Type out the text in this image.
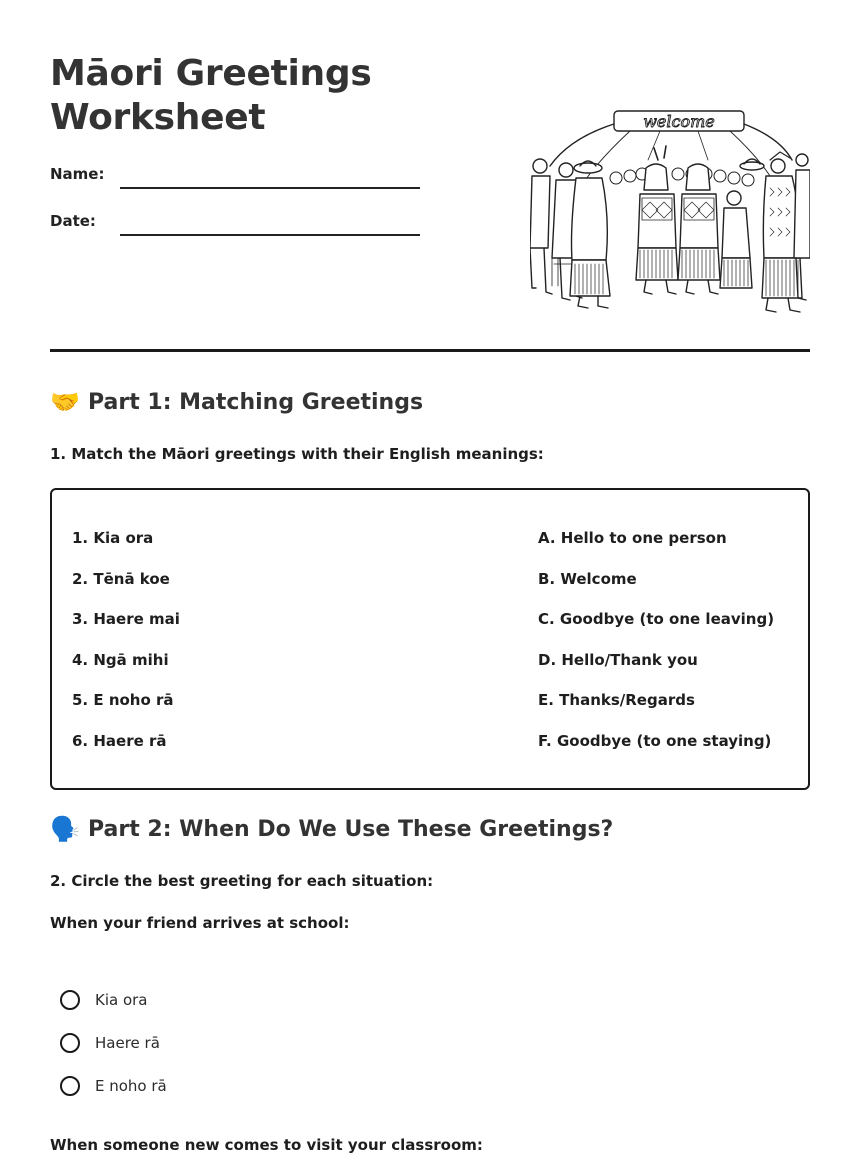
Māori Greetings
Worksheet
Name:
Date:
welcome
🤝 Part 1: Matching Greetings
1. Match the Māori greetings with their English meanings:
1. Kia ora
2. Tēnā koe
3. Haere mai
4. Ngā mihi
5. E noho rā
6. Haere rā
A. Hello to one person
B. Welcome
C. Goodbye (to one leaving)
D. Hello/Thank you
E. Thanks/Regards
F. Goodbye (to one staying)
🗣️ Part 2: When Do We Use These Greetings?
2. Circle the best greeting for each situation:
When your friend arrives at school:
Kia ora
Haere rā
E noho rā
When someone new comes to visit your classroom:
